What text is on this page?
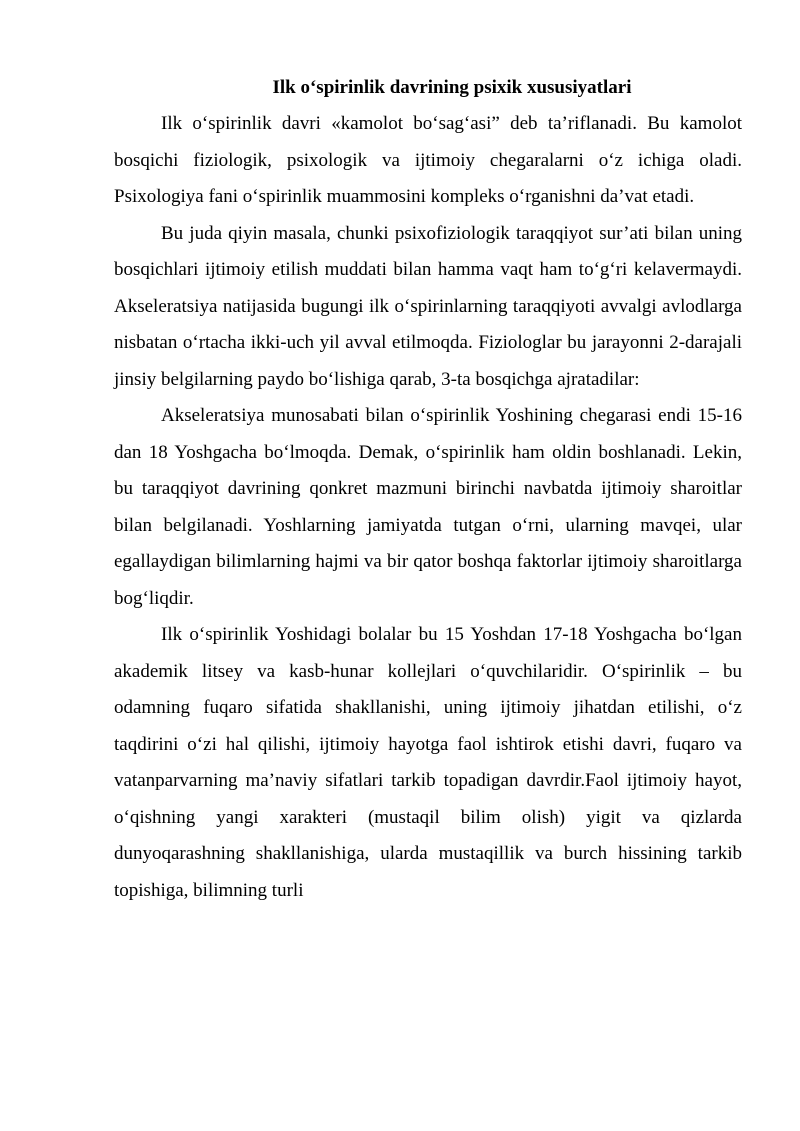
Ilk o‘spirinlik davrining psixik xususiyatlari

Ilk o‘spirinlik davri «kamolot bo‘sag‘asi” deb ta’riflanadi. Bu kamolot bosqichi fiziologik, psixologik va ijtimoiy chegaralarni o‘z ichiga oladi. Psixologiya fani o‘spirinlik muammosini kompleks o‘rganishni da’vat etadi.

Bu juda qiyin masala, chunki psixofiziologik taraqqiyot sur’ati bilan uning bosqichlari ijtimoiy etilish muddati bilan hamma vaqt ham to‘g‘ri kelavermaydi. Akseleratsiya natijasida bugungi ilk o‘spirinlarning taraqqiyoti avvalgi avlodlarga nisbatan o‘rtacha ikki-uch yil avval etilmoqda. Fiziologlar bu jarayonni 2-darajali jinsiy belgilarning paydo bo‘lishiga qarab, 3-ta bosqichga ajratadilar:

Akseleratsiya munosabati bilan o‘spirinlik Yoshining chegarasi endi 15-16 dan 18 Yoshgacha bo‘lmoqda. Demak, o‘spirinlik ham oldin boshlanadi. Lekin, bu taraqqiyot davrining qonkret mazmuni birinchi navbatda ijtimoiy sharoitlar bilan belgilanadi. Yoshlarning jamiyatda tutgan o‘rni, ularning mavqei, ular egallaydigan bilimlarning hajmi va bir qator boshqa faktorlar ijtimoiy sharoitlarga bog‘liqdir.

Ilk o‘spirinlik Yoshidagi bolalar bu 15 Yoshdan 17-18 Yoshgacha bo‘lgan akademik litsey va kasb-hunar kollejlari o‘quvchilaridir. O‘spirinlik – bu odamning fuqaro sifatida shakllanishi, uning ijtimoiy jihatdan etilishi, o‘z taqdirini o‘zi hal qilishi, ijtimoiy hayotga faol ishtirok etishi davri, fuqaro va vatanparvarning ma’naviy sifatlari tarkib topadigan davrdir.Faol ijtimoiy hayot, o‘qishning yangi xarakteri (mustaqil bilim olish) yigit va qizlarda dunyoqarashning shakllanishiga, ularda mustaqillik va burch hissining tarkib topishiga, bilimning turli
